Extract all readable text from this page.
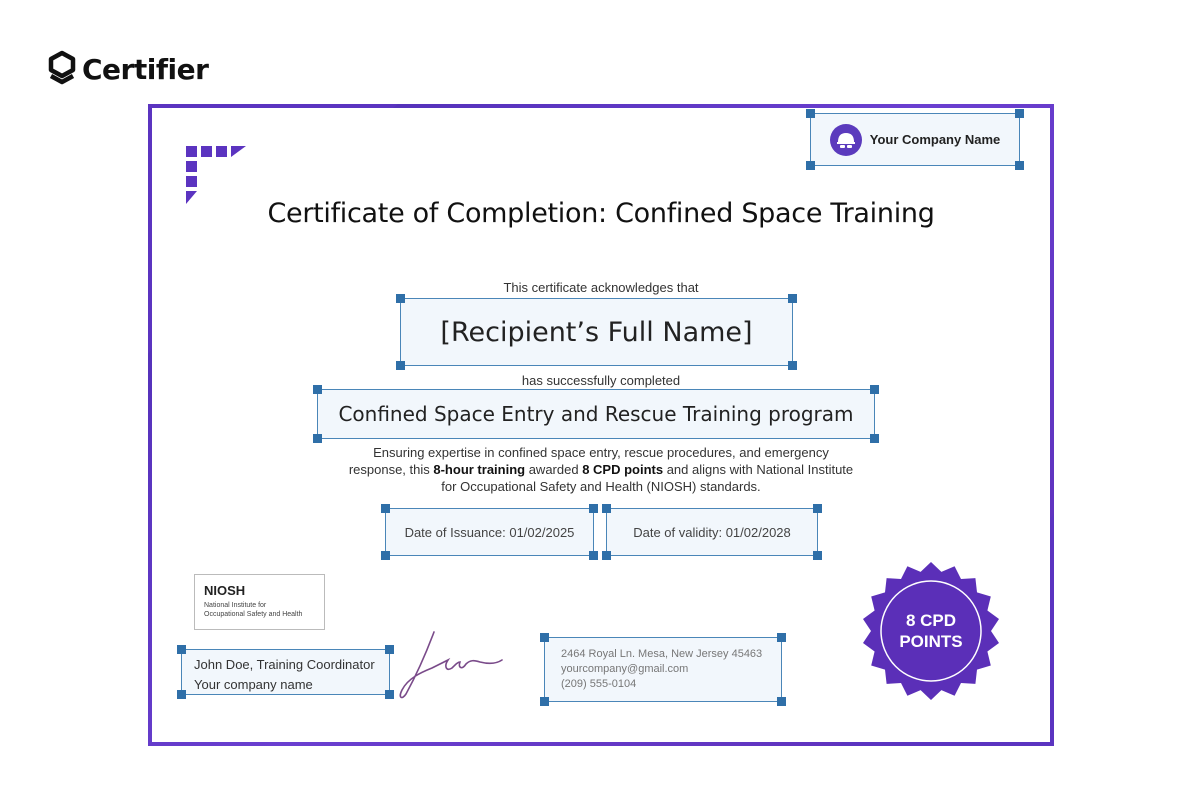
Certifier
Your Company Name
Certificate of Completion: Confined Space Training
This certificate acknowledges that
[Recipient’s Full Name]
has successfully completed
Confined Space Entry and Rescue Training program
Ensuring expertise in confined space entry, rescue procedures, and emergency response, this 8-hour training awarded 8 CPD points and aligns with National Institute for Occupational Safety and Health (NIOSH) standards.
Date of Issuance: 01/02/2025	Date of validity: 01/02/2028
NIOSH
National Institute for
Occupational Safety and Health
John Doe, Training Coordinator
Your company name
2464 Royal Ln. Mesa, New Jersey 45463
yourcompany@gmail.com
(209) 555-0104
8 CPD
POINTS
